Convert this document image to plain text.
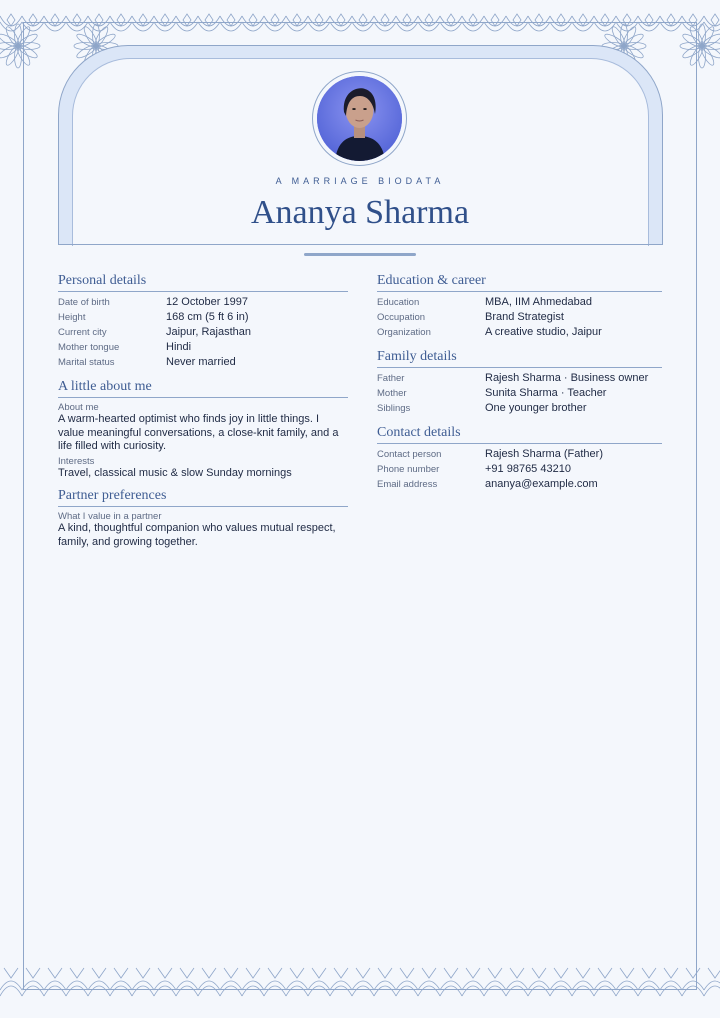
A MARRIAGE BIODATA
Ananya Sharma
Personal details
Date of birth	12 October 1997
Height	168 cm (5 ft 6 in)
Current city	Jaipur, Rajasthan
Mother tongue	Hindi
Marital status	Never married
A little about me
About me
A warm-hearted optimist who finds joy in little things. I value meaningful conversations, a close-knit family, and a life filled with curiosity.
Interests
Travel, classical music & slow Sunday mornings
Partner preferences
What I value in a partner
A kind, thoughtful companion who values mutual respect, family, and growing together.
Education & career
Education	MBA, IIM Ahmedabad
Occupation	Brand Strategist
Organization	A creative studio, Jaipur
Family details
Father	Rajesh Sharma · Business owner
Mother	Sunita Sharma · Teacher
Siblings	One younger brother
Contact details
Contact person	Rajesh Sharma (Father)
Phone number	+91 98765 43210
Email address	ananya@example.com
